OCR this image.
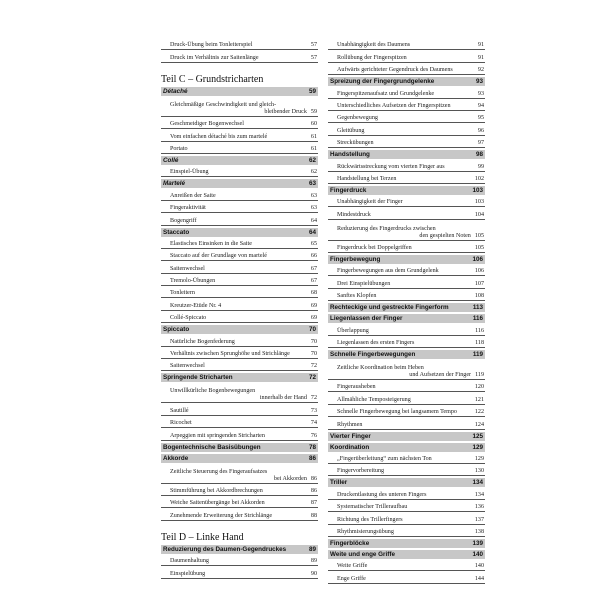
Druck-Übung beim Tonleiterspiel	57
Druck im Verhältnis zur Saitenlänge	57
Teil C – Grundstricharten
Détaché	59
Gleichmäßige Geschwindigkeit und gleich-
bleibender Druck 59
Geschmeidiger Bogenwechsel	60
Vom einfachen détaché bis zum martelé	61
Portato	61
Collé	62
Einspiel-Übung	62
Martelé	63
Anreißen der Saite	63
Fingeraktivität	63
Bogengriff	64
Staccato	64
Elastisches Einsinken in die Saite	65
Staccato auf der Grundlage von martelé	66
Saitenwechsel	67
Tremolo-Übungen	67
Tonleitern	68
Kreutzer-Etüde Nr. 4	69
Collé-Spiccato	69
Spiccato	70
Natürliche Bogenfederung	70
Verhältnis zwischen Sprunghöhe und Strichlänge	70
Saitenwechsel	72
Springende Stricharten	72
Unwillkürliche Bogenbewegungen
innerhalb der Hand 72
Sautillé	73
Ricochet	74
Arpeggien mit springenden Stricharten	76
Bogentechnische Basisübungen	78
Akkorde	86
Zeitliche Steuerung des Fingeraufsatzes
bei Akkorden 86
Stimmführung bei Akkordbrechungen	86
Weiche Saitenübergänge bei Akkorden	87
Zunehmende Erweiterung der Strichlänge	88
Teil D – Linke Hand
Reduzierung des Daumen-Gegendruckes	89
Daumenhaltung	89
Einspielübung	90
Unabhängigkeit des Daumens	91
Rollübung der Fingerspitzen	91
Aufwärts gerichteter Gegendruck des Daumens	92
Spreizung der Fingergrundgelenke	93
Fingerspitzenaufsatz und Grundgelenke	93
Unterschiedliches Aufsetzen der Fingerspitzen	94
Gegenbewegung	95
Gleitübung	96
Streckübungen	97
Handstellung	98
Rückwärtsstreckung vom vierten Finger aus	99
Handstellung bei Terzen	102
Fingerdruck	103
Unabhängigkeit der Finger	103
Mindestdruck	104
Reduzierung des Fingerdrucks zwischen
den gespielten Noten 105
Fingerdruck bei Doppelgriffen	105
Fingerbewegung	106
Fingerbewegungen aus dem Grundgelenk	106
Drei Einspielübungen	107
Sanftes Klopfen	108
Rechteckige und gestreckte Fingerform	113
Liegenlassen der Finger	116
Überlappung	116
Liegenlassen des ersten Fingers	118
Schnelle Fingerbewegungen	119
Zeitliche Koordination beim Heben
und Aufsetzen der Finger 119
Fingerausheben	120
Allmähliche Temposteigerung	121
Schnelle Fingerbewegung bei langsamem Tempo	122
Rhythmen	124
Vierter Finger	125
Koordination	129
„Fingerüberleitung“ zum nächsten Ton	129
Fingervorbereitung	130
Triller	134
Druckentlastung des unteren Fingers	134
Systematischer Trilleraufbau	136
Richtung des Trillerfingers	137
Rhythmisierungsübung	138
Fingerblöcke	139
Weite und enge Griffe	140
Weite Griffe	140
Enge Griffe	144
